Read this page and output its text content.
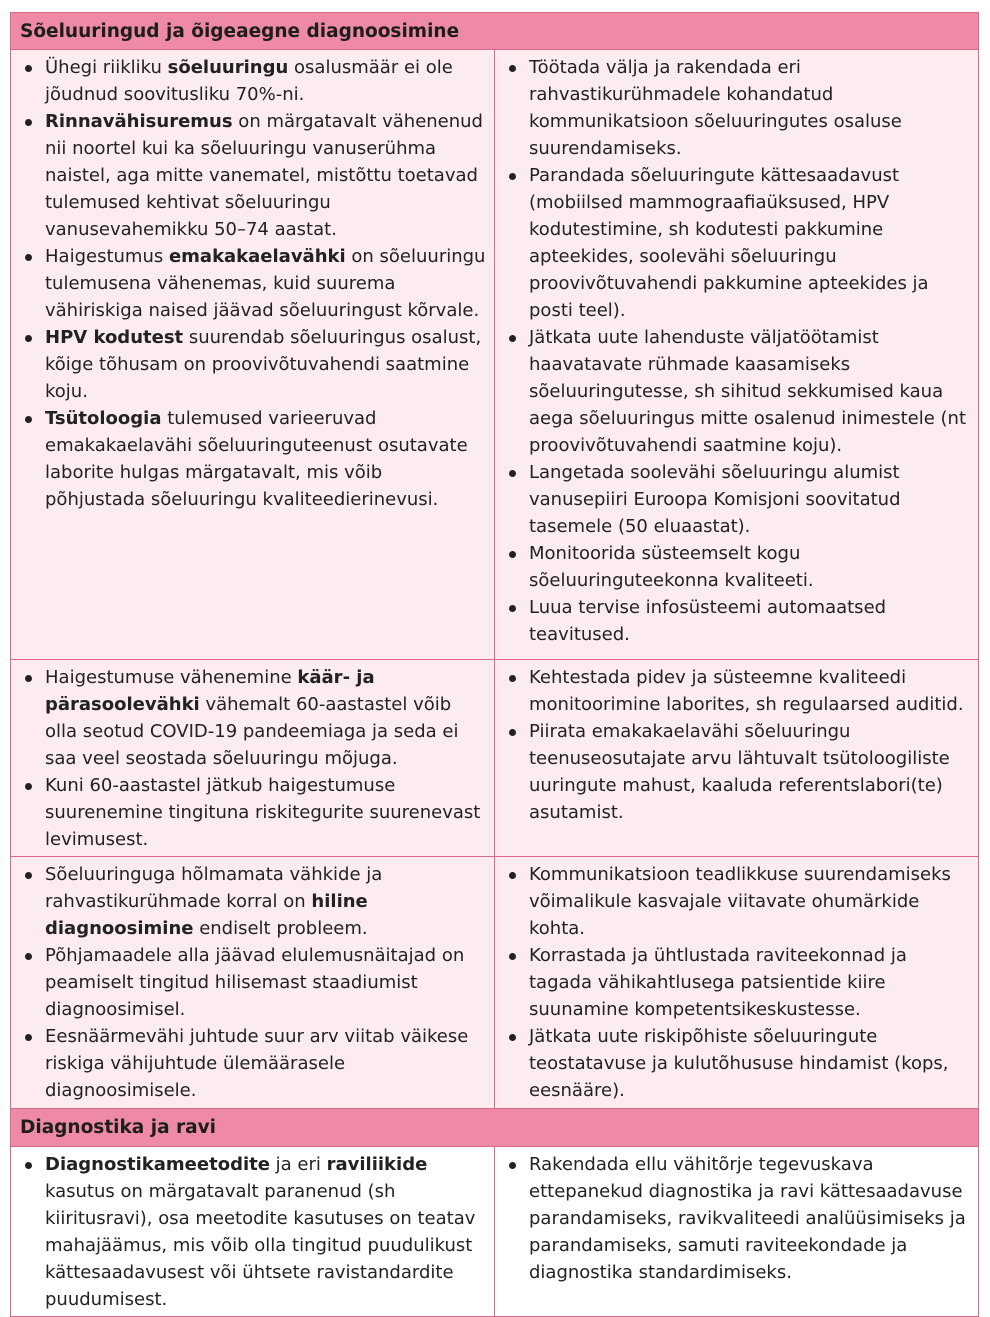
Sõeluuringud ja õigeaegne diagnoosimine
Ühegi riikliku sõeluuringu osalusmäär ei ole jõudnud soovitusliku 70%-ni.
Rinnavähisuremus on märgatavalt vähenenud nii noortel kui ka sõeluuringu vanuserühma naistel, aga mitte vanematel, mistõttu toetavad tulemused kehtivat sõeluuringu vanusevahemikku 50–74 aastat.
Haigestumus emakakaelavähki on sõeluuringu tulemusena vähenemas, kuid suurema vähiriskiga naised jäävad sõeluuringust kõrvale.
HPV kodutest suurendab sõeluuringus osalust, kõige tõhusam on proovivõtuvahendi saatmine koju.
Tsütoloogia tulemused varieeruvad emakakaelavähi sõeluuringuteenust osutavate laborite hulgas märgatavalt, mis võib põhjustada sõeluuringu kvaliteedierinevusi.
Töötada välja ja rakendada eri rahvastikurühmadele kohandatud kommunikatsioon sõeluuringutes osaluse suurendamiseks.
Parandada sõeluuringute kättesaadavust (mobiilsed mammograafiaüksused, HPV kodutestimine, sh kodutesti pakkumine apteekides, soolevähi sõeluuringu proovivõtuvahendi pakkumine apteekides ja posti teel).
Jätkata uute lahenduste väljatöötamist haavatavate rühmade kaasamiseks sõeluuringutesse, sh sihitud sekkumised kaua aega sõeluuringus mitte osalenud inimestele (nt proovivõtuvahendi saatmine koju).
Langetada soolevähi sõeluuringu alumist vanusepiiri Euroopa Komisjoni soovitatud tasemele (50 eluaastat).
Monitoorida süsteemselt kogu sõeluuringuteekonna kvaliteeti.
Luua tervise infosüsteemi automaatsed teavitused.
Haigestumuse vähenemine käär- ja pärasoolevähki vähemalt 60-aastastel võib olla seotud COVID-19 pandeemiaga ja seda ei saa veel seostada sõeluuringu mõjuga.
Kuni 60-aastastel jätkub haigestumuse suurenemine tingituna riskitegurite suurenevast levimusest.
Kehtestada pidev ja süsteemne kvaliteedi monitoorimine laborites, sh regulaarsed auditid.
Piirata emakakaelavähi sõeluuringu teenuseosutajate arvu lähtuvalt tsütoloogiliste uuringute mahust, kaaluda referentslabori(te) asutamist.
Sõeluuringuga hõlmamata vähkide ja rahvastikurühmade korral on hiline diagnoosimine endiselt probleem.
Põhjamaadele alla jäävad elulemusnäitajad on peamiselt tingitud hilisemast staadiumist diagnoosimisel.
Eesnäärmevähi juhtude suur arv viitab väikese riskiga vähijuhtude ülemäärasele diagnoosimisele.
Kommunikatsioon teadlikkuse suurendamiseks võimalikule kasvajale viitavate ohumärkide kohta.
Korrastada ja ühtlustada raviteekonnad ja tagada vähikahtlusega patsientide kiire suunamine kompetentsikeskustesse.
Jätkata uute riskipõhiste sõeluuringute teostatavuse ja kulutõhususe hindamist (kops, eesnääre).
Diagnostika ja ravi
Diagnostikameetodite ja eri raviliikide kasutus on märgatavalt paranenud (sh kiiritusravi), osa meetodite kasutuses on teatav mahajäämus, mis võib olla tingitud puudulikust kättesaadavusest või ühtsete ravistandardite puudumisest.
Rakendada ellu vähitõrje tegevuskava ettepanekud diagnostika ja ravi kättesaadavuse parandamiseks, ravikvaliteedi analüüsimiseks ja parandamiseks, samuti raviteekondade ja diagnostika standardimiseks.
